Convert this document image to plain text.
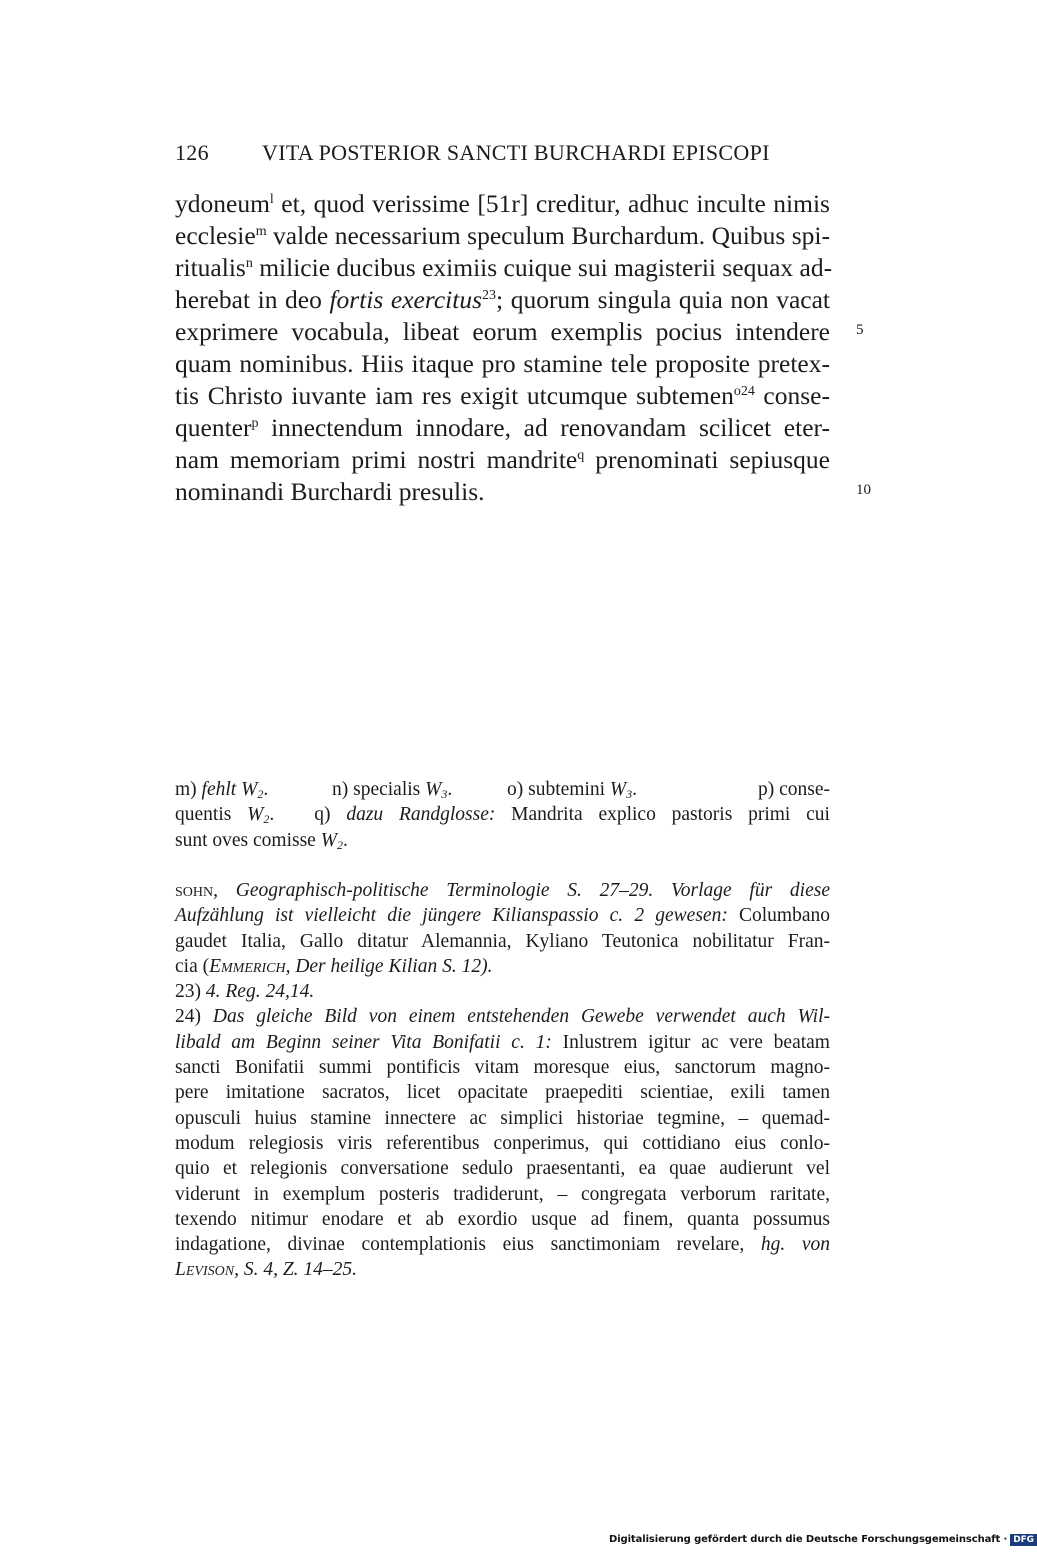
126 VITA POSTERIOR SANCTI BURCHARDI EPISCOPI
ydoneum$^l$ et, quod verissime [51r] creditur, adhuc inculte nimis
ecclesie$^m$ valde necessarium speculum Burchardum. Quibus spi-
ritualis$^n$ milicie ducibus eximiis cuique sui magisterii sequax ad-
herebat in deo fortis exercitus$^{23}$; quorum singula quia non vacat
exprimere vocabula, libeat eorum exemplis pocius intendere
quam nominibus. Hiis itaque pro stamine tele proposite pretex-
tis Christo iuvante iam res exigit utcumque subtemen$^{o24}$ conse-
quenter$^p$ innectendum innodare, ad renovandam scilicet eter-
nam memoriam primi nostri mandrite$^q$ prenominati sepiusque
nominandi Burchardi presulis.
5
10
m) fehlt $W_2$.	n) specialis $W_3$.	o) subtemini $W_3$.	p) conse-
quentis $W_2$. q) dazu Randglosse: Mandrita explico pastoris primi cui
sunt oves comisse $W_2$.
sohn, Geographisch-politische Terminologie S. 27–29. Vorlage für diese
Aufzählung ist vielleicht die jüngere Kilianspassio c. 2 gewesen: Columbano
gaudet Italia, Gallo ditatur Alemannia, Kyliano Teutonica nobilitatur Fran-
cia (Emmerich, Der heilige Kilian S. 12).
23) 4. Reg. 24,14.
24) Das gleiche Bild von einem entstehenden Gewebe verwendet auch Wil-
libald am Beginn seiner Vita Bonifatii c. 1: Inlustrem igitur ac vere beatam
sancti Bonifatii summi pontificis vitam moresque eius, sanctorum magno-
pere imitatione sacratos, licet opacitate praepediti scientiae, exili tamen
opusculi huius stamine innectere ac simplici historiae tegmine, – quemad-
modum relegiosis viris referentibus conperimus, qui cottidiano eius conlo-
quio et relegionis conversatione sedulo praesentanti, ea quae audierunt vel
viderunt in exemplum posteris tradiderunt, – congregata verborum raritate,
texendo nitimur enodare et ab exordio usque ad finem, quanta possumus
indagatione, divinae contemplationis eius sanctimoniam revelare, hg. von
Levison, S. 4, Z. 14–25.
Digitalisierung gefördert durch die Deutsche Forschungsgemeinschaft · DFG
